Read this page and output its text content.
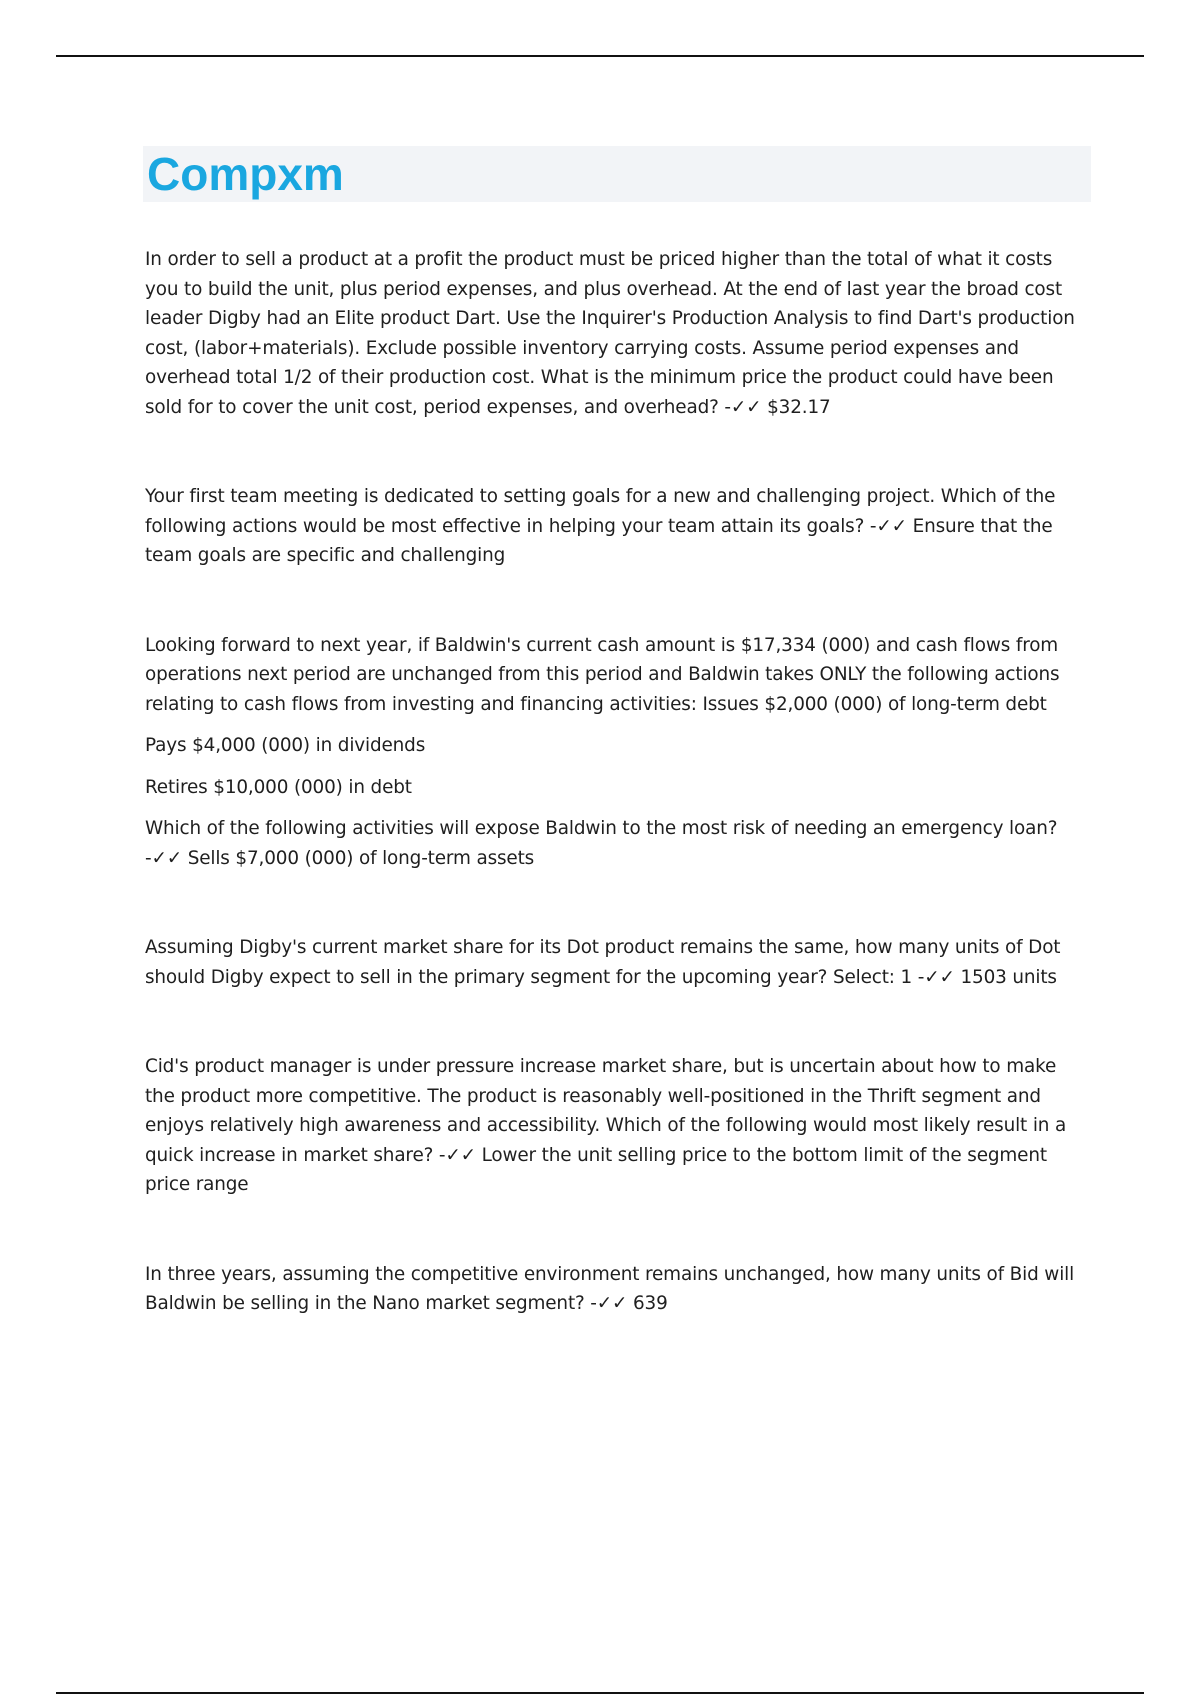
Compxm

In order to sell a product at a profit the product must be priced higher than the total of what it costs you to build the unit, plus period expenses, and plus overhead. At the end of last year the broad cost leader Digby had an Elite product Dart. Use the Inquirer's Production Analysis to find Dart's production cost, (labor+materials). Exclude possible inventory carrying costs. Assume period expenses and overhead total 1/2 of their production cost. What is the minimum price the product could have been sold for to cover the unit cost, period expenses, and overhead? -✓✓ $32.17

Your first team meeting is dedicated to setting goals for a new and challenging project. Which of the following actions would be most effective in helping your team attain its goals? -✓✓ Ensure that the team goals are specific and challenging

Looking forward to next year, if Baldwin's current cash amount is $17,334 (000) and cash flows from operations next period are unchanged from this period and Baldwin takes ONLY the following actions relating to cash flows from investing and financing activities: Issues $2,000 (000) of long-term debt

Pays $4,000 (000) in dividends

Retires $10,000 (000) in debt

Which of the following activities will expose Baldwin to the most risk of needing an emergency loan? -✓✓ Sells $7,000 (000) of long-term assets

Assuming Digby's current market share for its Dot product remains the same, how many units of Dot should Digby expect to sell in the primary segment for the upcoming year? Select: 1 -✓✓ 1503 units

Cid's product manager is under pressure increase market share, but is uncertain about how to make the product more competitive. The product is reasonably well-positioned in the Thrift segment and enjoys relatively high awareness and accessibility. Which of the following would most likely result in a quick increase in market share? -✓✓ Lower the unit selling price to the bottom limit of the segment price range

In three years, assuming the competitive environment remains unchanged, how many units of Bid will Baldwin be selling in the Nano market segment? -✓✓ 639
